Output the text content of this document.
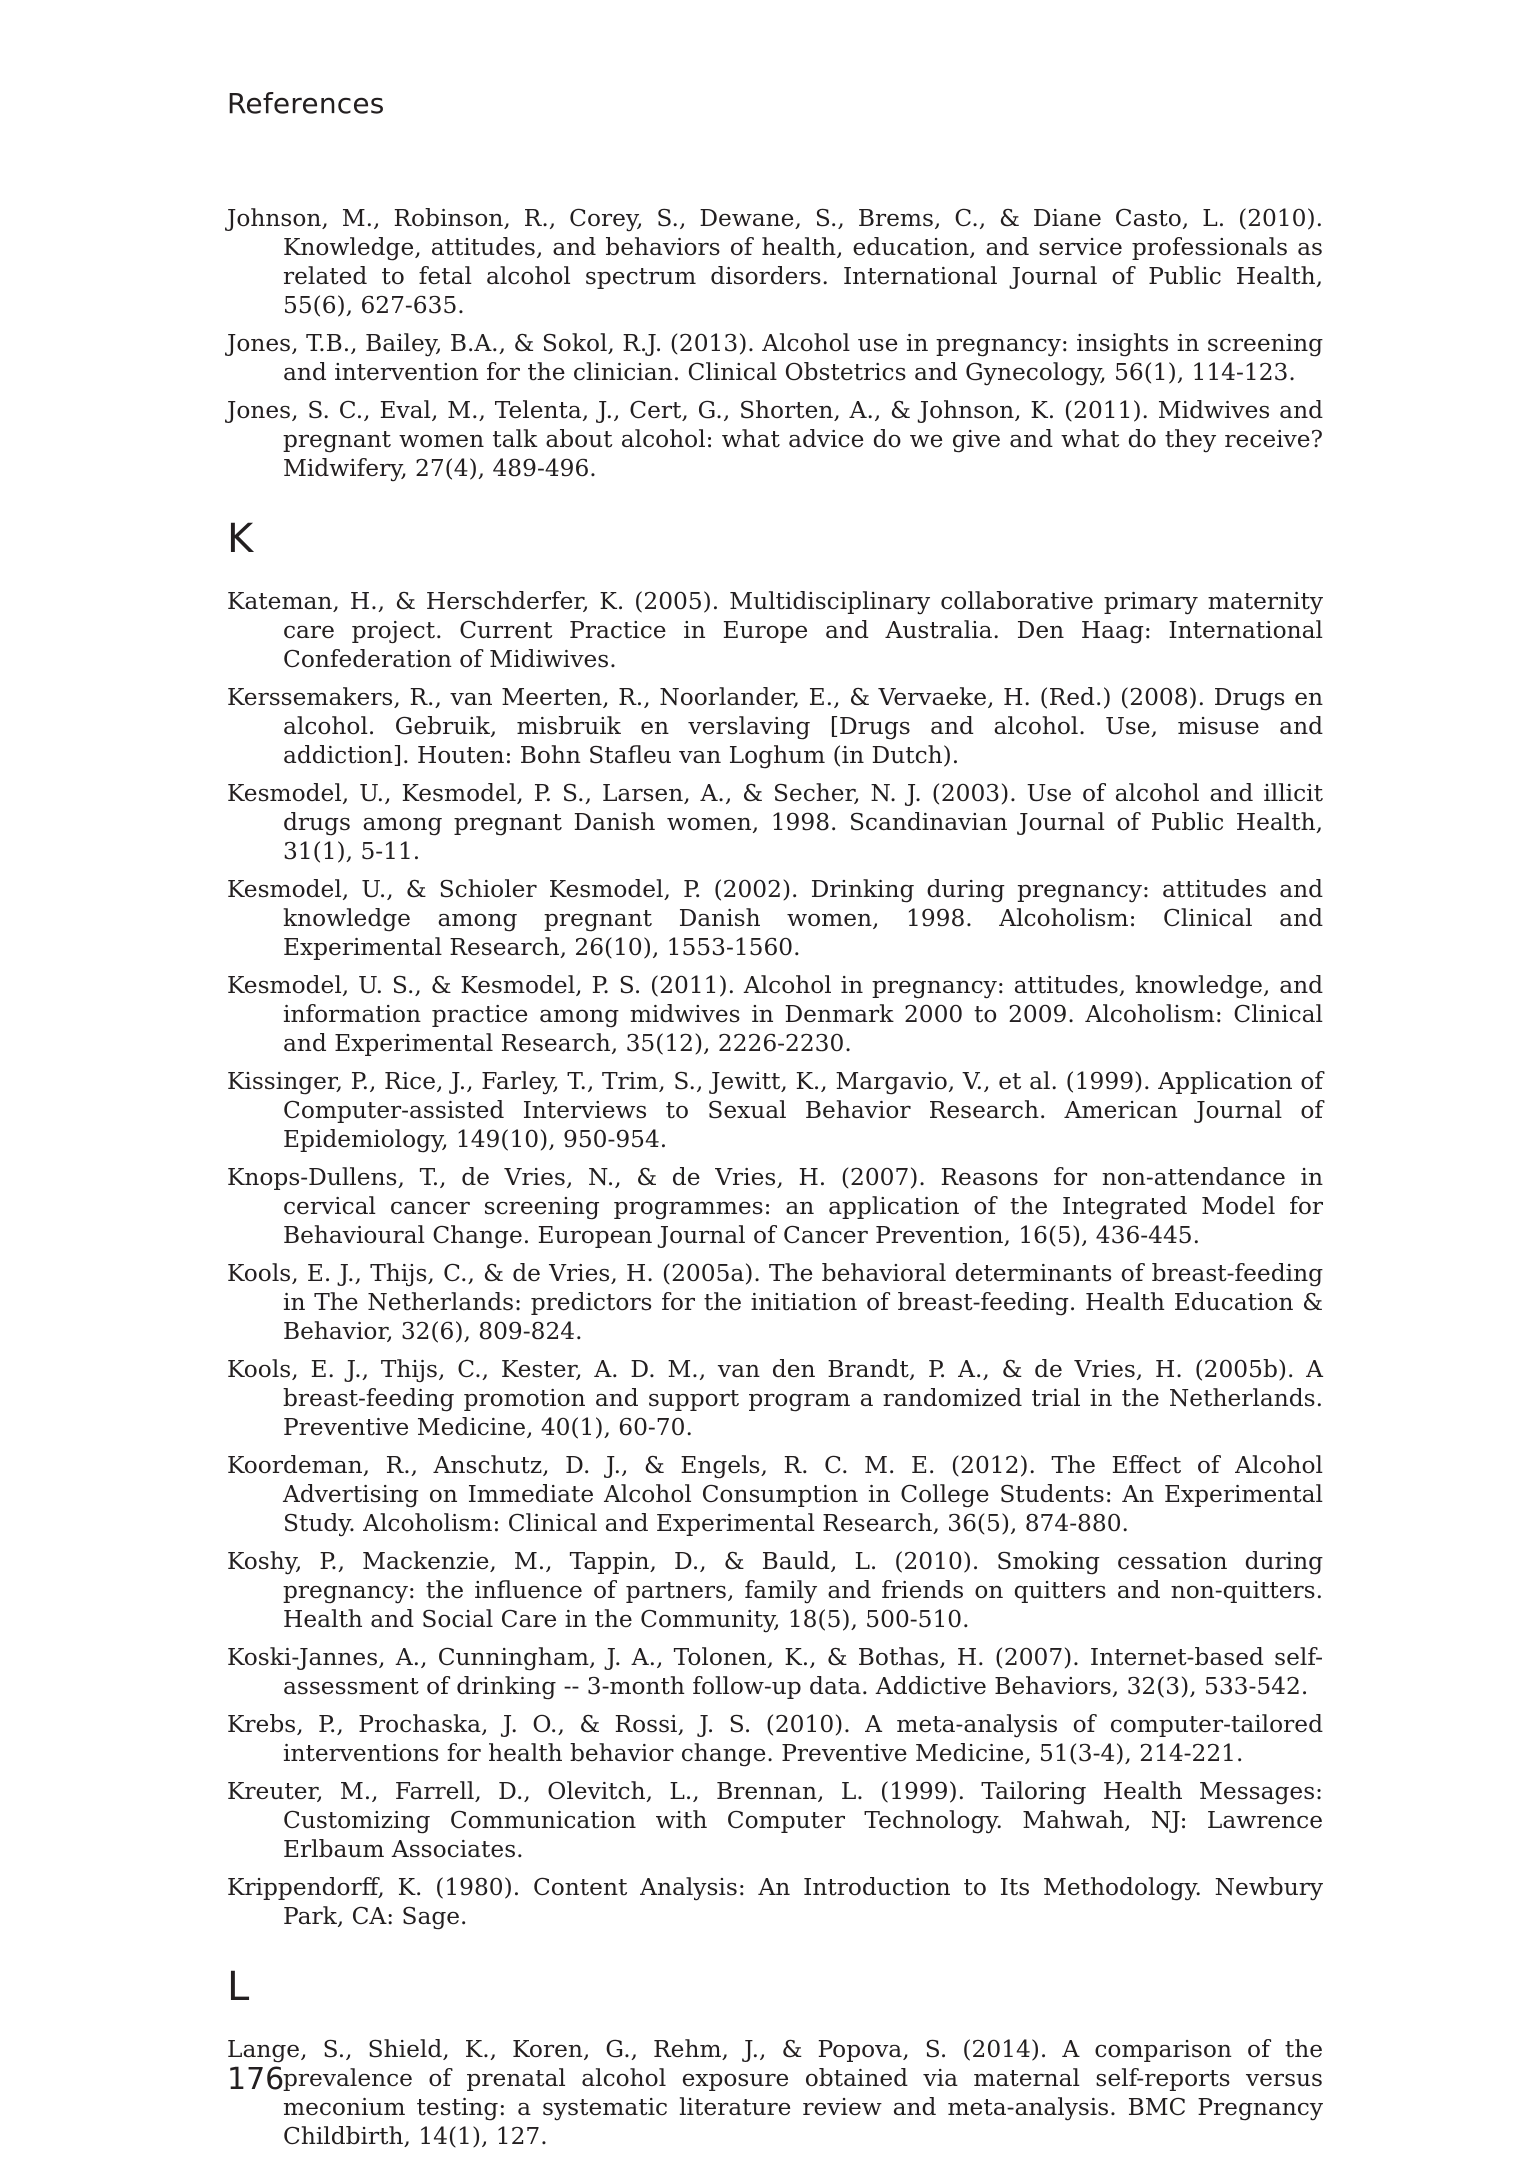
References

Johnson, M., Robinson, R., Corey, S., Dewane, S., Brems, C., & Diane Casto, L. (2010). Knowledge, attitudes, and behaviors of health, education, and service professionals as related to fetal alcohol spectrum disorders. International Journal of Public Health, 55(6), 627-635.

Jones, T.B., Bailey, B.A., & Sokol, R.J. (2013). Alcohol use in pregnancy: insights in screening and intervention for the clinician. Clinical Obstetrics and Gynecology, 56(1), 114-123.

Jones, S. C., Eval, M., Telenta, J., Cert, G., Shorten, A., & Johnson, K. (2011). Midwives and pregnant women talk about alcohol: what advice do we give and what do they receive? Midwifery, 27(4), 489-496.

K

Kateman, H., & Herschderfer, K. (2005). Multidisciplinary collaborative primary maternity care project. Current Practice in Europe and Australia. Den Haag: International Confederation of Midiwives.

Kerssemakers, R., van Meerten, R., Noorlander, E., & Vervaeke, H. (Red.) (2008). Drugs en alcohol. Gebruik, misbruik en verslaving [Drugs and alcohol. Use, misuse and addiction]. Houten: Bohn Stafleu van Loghum (in Dutch).

Kesmodel, U., Kesmodel, P. S., Larsen, A., & Secher, N. J. (2003). Use of alcohol and illicit drugs among pregnant Danish women, 1998. Scandinavian Journal of Public Health, 31(1), 5-11.

Kesmodel, U., & Schioler Kesmodel, P. (2002). Drinking during pregnancy: attitudes and knowledge among pregnant Danish women, 1998. Alcoholism: Clinical and Experimental Research, 26(10), 1553-1560.

Kesmodel, U. S., & Kesmodel, P. S. (2011). Alcohol in pregnancy: attitudes, knowledge, and information practice among midwives in Denmark 2000 to 2009. Alcoholism: Clinical and Experimental Research, 35(12), 2226-2230.

Kissinger, P., Rice, J., Farley, T., Trim, S., Jewitt, K., Margavio, V., et al. (1999). Application of Computer-assisted Interviews to Sexual Behavior Research. American Journal of Epidemiology, 149(10), 950-954.

Knops-Dullens, T., de Vries, N., & de Vries, H. (2007). Reasons for non-attendance in cervical cancer screening programmes: an application of the Integrated Model for Behavioural Change. European Journal of Cancer Prevention, 16(5), 436-445.

Kools, E. J., Thijs, C., & de Vries, H. (2005a). The behavioral determinants of breast-feeding in The Netherlands: predictors for the initiation of breast-feeding. Health Education & Behavior, 32(6), 809-824.

Kools, E. J., Thijs, C., Kester, A. D. M., van den Brandt, P. A., & de Vries, H. (2005b). A breast-feeding promotion and support program a randomized trial in the Netherlands. Preventive Medicine, 40(1), 60-70.

Koordeman, R., Anschutz, D. J., & Engels, R. C. M. E. (2012). The Effect of Alcohol Advertising on Immediate Alcohol Consumption in College Students: An Experimental Study. Alcoholism: Clinical and Experimental Research, 36(5), 874-880.

Koshy, P., Mackenzie, M., Tappin, D., & Bauld, L. (2010). Smoking cessation during pregnancy: the influence of partners, family and friends on quitters and non-quitters. Health and Social Care in the Community, 18(5), 500-510.

Koski-Jannes, A., Cunningham, J. A., Tolonen, K., & Bothas, H. (2007). Internet-based self-assessment of drinking -- 3-month follow-up data. Addictive Behaviors, 32(3), 533-542.

Krebs, P., Prochaska, J. O., & Rossi, J. S. (2010). A meta-analysis of computer-tailored interventions for health behavior change. Preventive Medicine, 51(3-4), 214-221.

Kreuter, M., Farrell, D., Olevitch, L., Brennan, L. (1999). Tailoring Health Messages: Customizing Communication with Computer Technology. Mahwah, NJ: Lawrence Erlbaum Associates.

Krippendorff, K. (1980). Content Analysis: An Introduction to Its Methodology. Newbury Park, CA: Sage.

L

Lange, S., Shield, K., Koren, G., Rehm, J., & Popova, S. (2014). A comparison of the prevalence of prenatal alcohol exposure obtained via maternal self-reports versus meconium testing: a systematic literature review and meta-analysis. BMC Pregnancy Childbirth, 14(1), 127.

176
